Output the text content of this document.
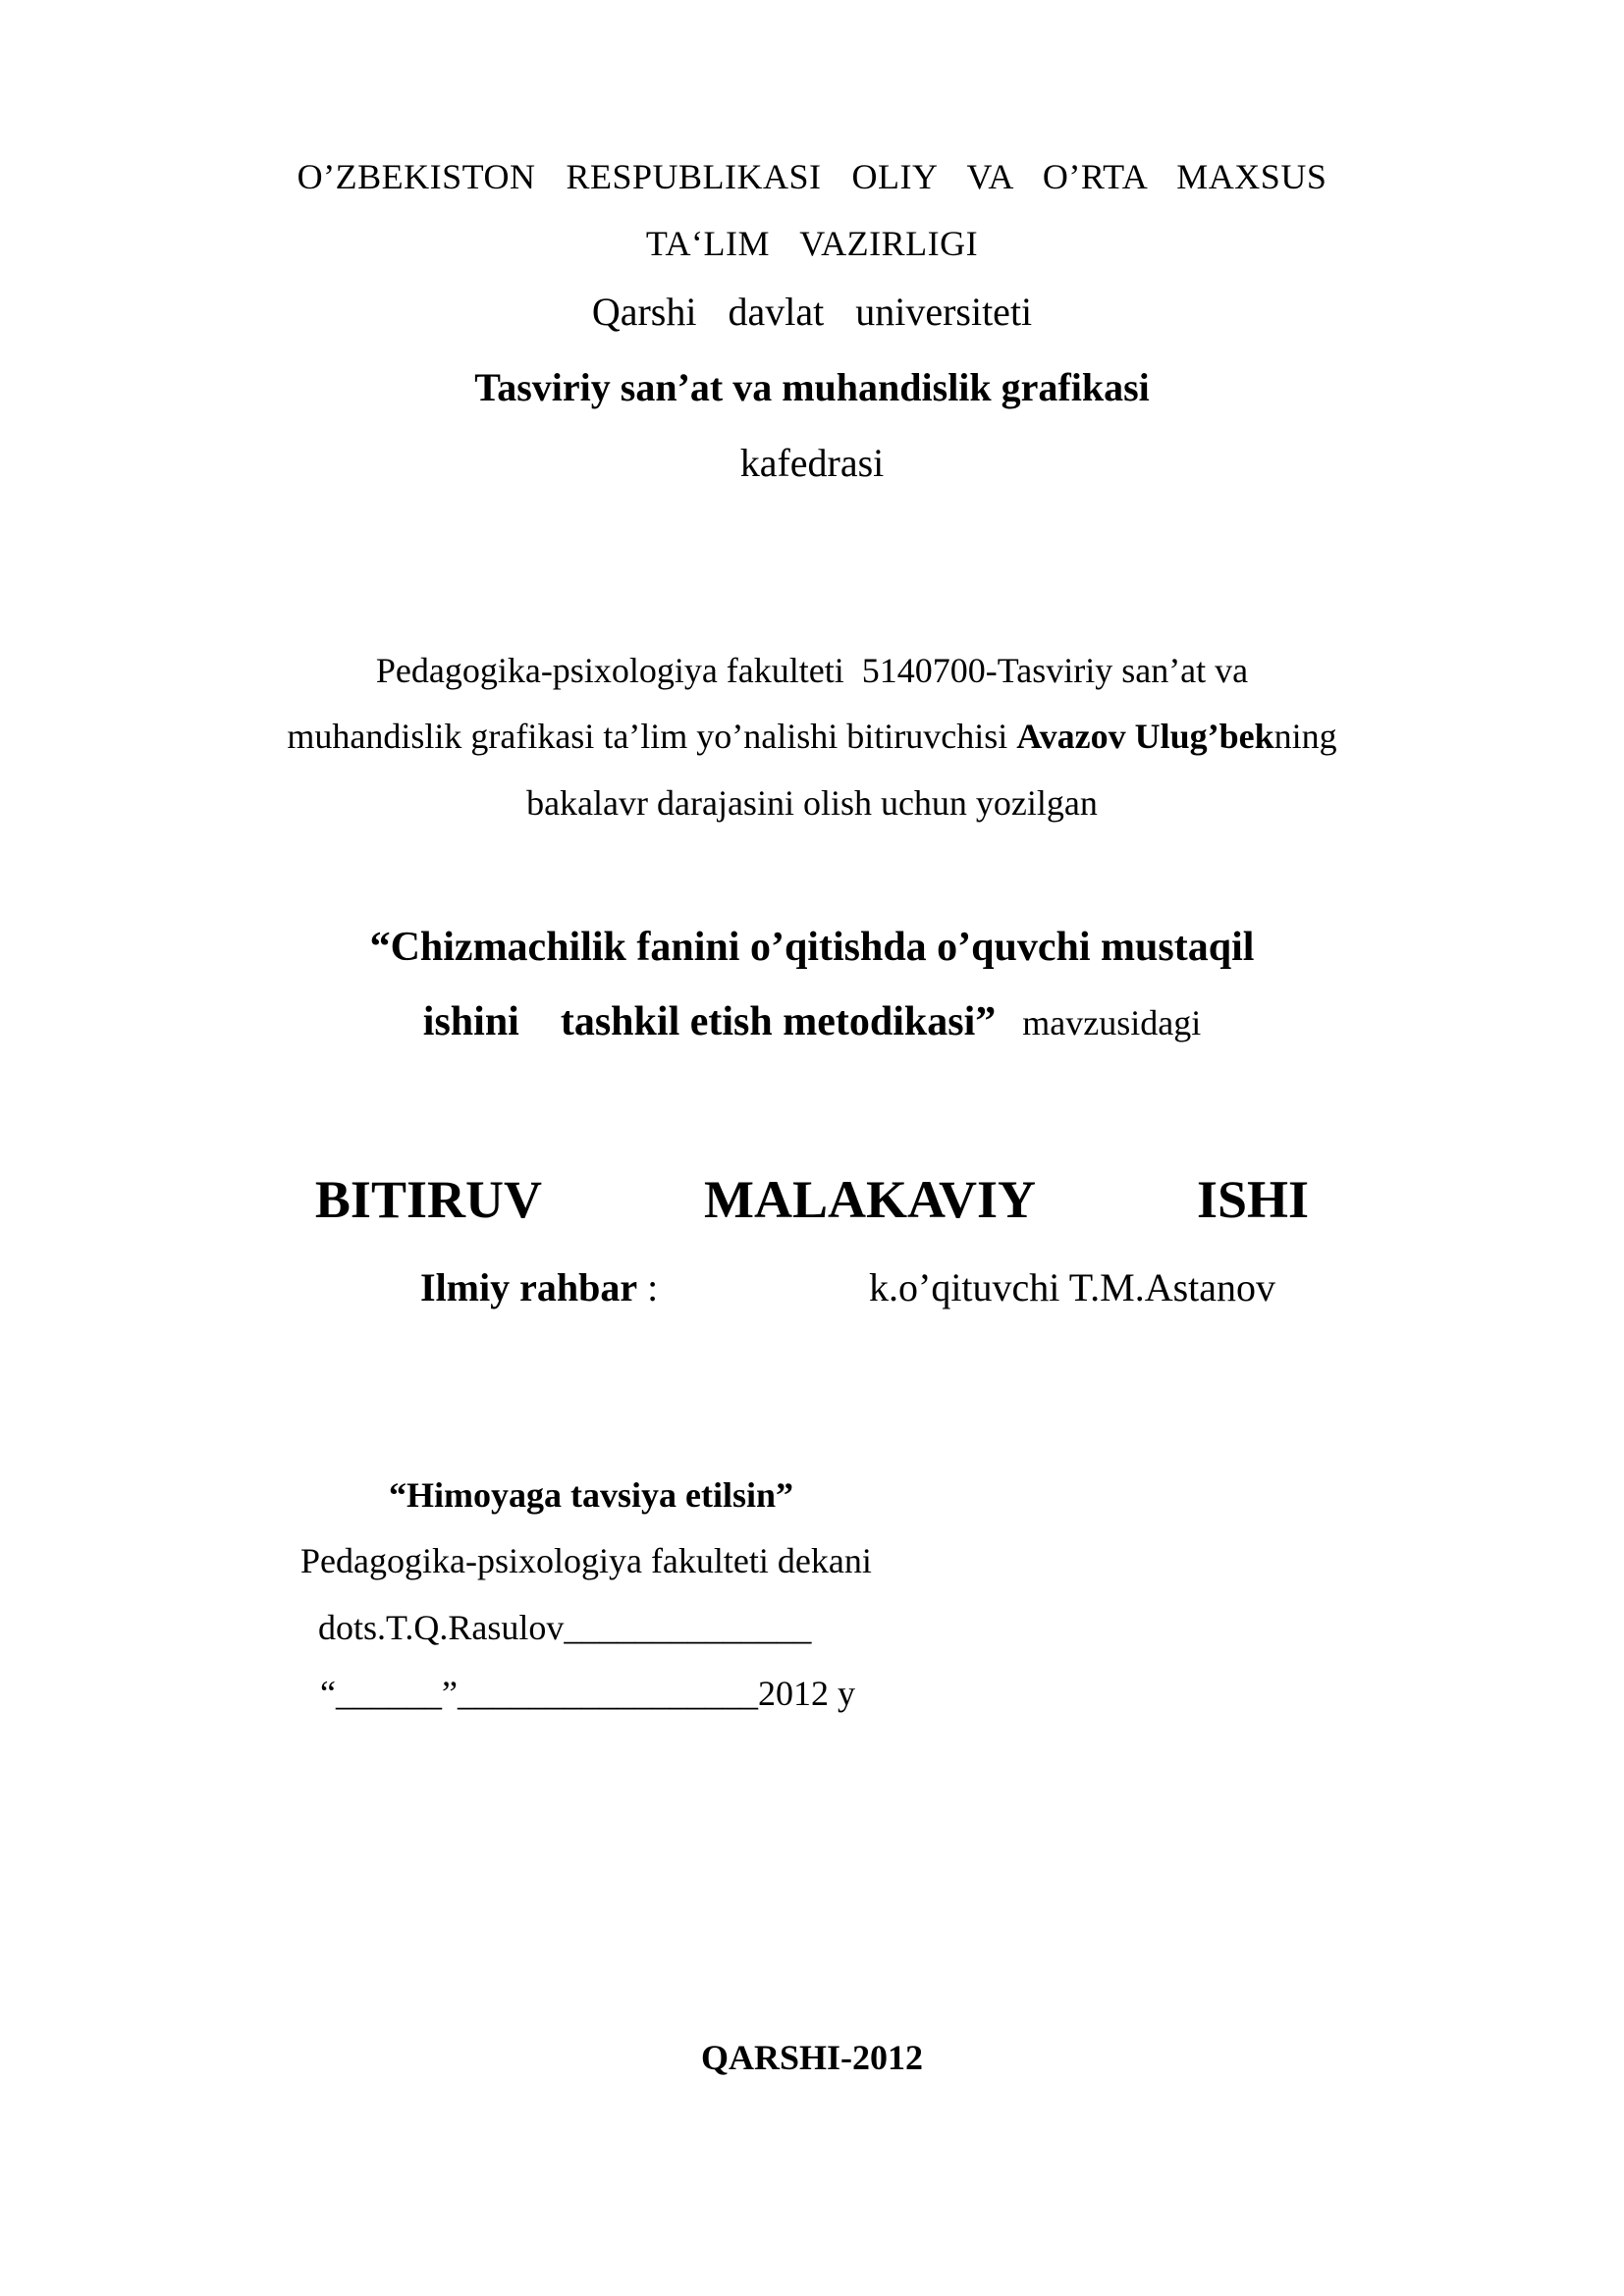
O’ZBEKISTON  RESPUBLIKASI  OLIY  VA  O’RTA  MAXSUS
TA‘LIM  VAZIRLIGI
Qarshi  davlat  universiteti
Tasviriy san’at va muhandislik grafikasi
kafedrasi
Pedagogika-psixologiya fakulteti  5140700-Tasviriy san’at va
muhandislik grafikasi ta’lim yo’nalishi bitiruvchisi Avazov Ulug’bekning
bakalavr darajasini olish uchun yozilgan
“Chizmachilik fanini o’qitishda o’quvchi mustaqil
ishini    tashkil etish metodikasi”   mavzusidagi
BITIRUV    MALAKAVIY    ISHI
Ilmiy rahbar :	k.o’qituvchi T.M.Astanov
“Himoyaga tavsiya etilsin”
Pedagogika-psixologiya fakulteti dekani
dots.T.Q.Rasulov______________
“______”_________________2012 y
QARSHI-2012
